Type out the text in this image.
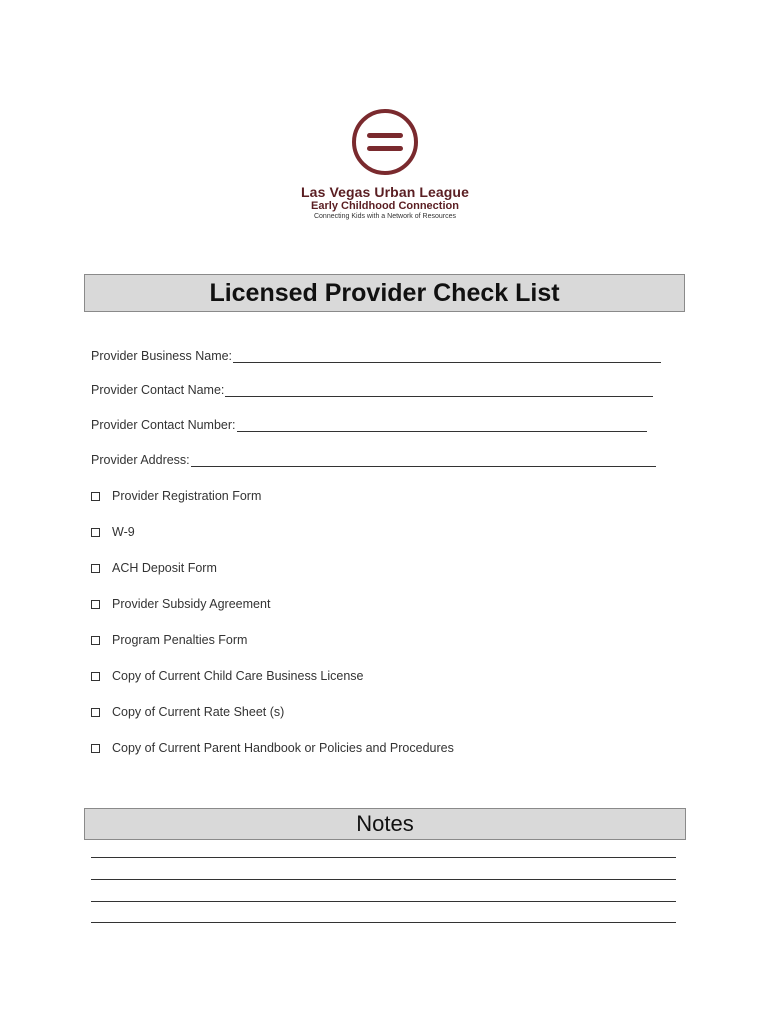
Las Vegas Urban League
Early Childhood Connection
Connecting Kids with a Network of Resources
Licensed Provider Check List
Provider Business Name:
Provider Contact Name:
Provider Contact Number:
Provider Address:
Provider Registration Form
W-9
ACH Deposit Form
Provider Subsidy Agreement
Program Penalties Form
Copy of Current Child Care Business License
Copy of Current Rate Sheet (s)
Copy of Current Parent Handbook or Policies and Procedures
Notes
